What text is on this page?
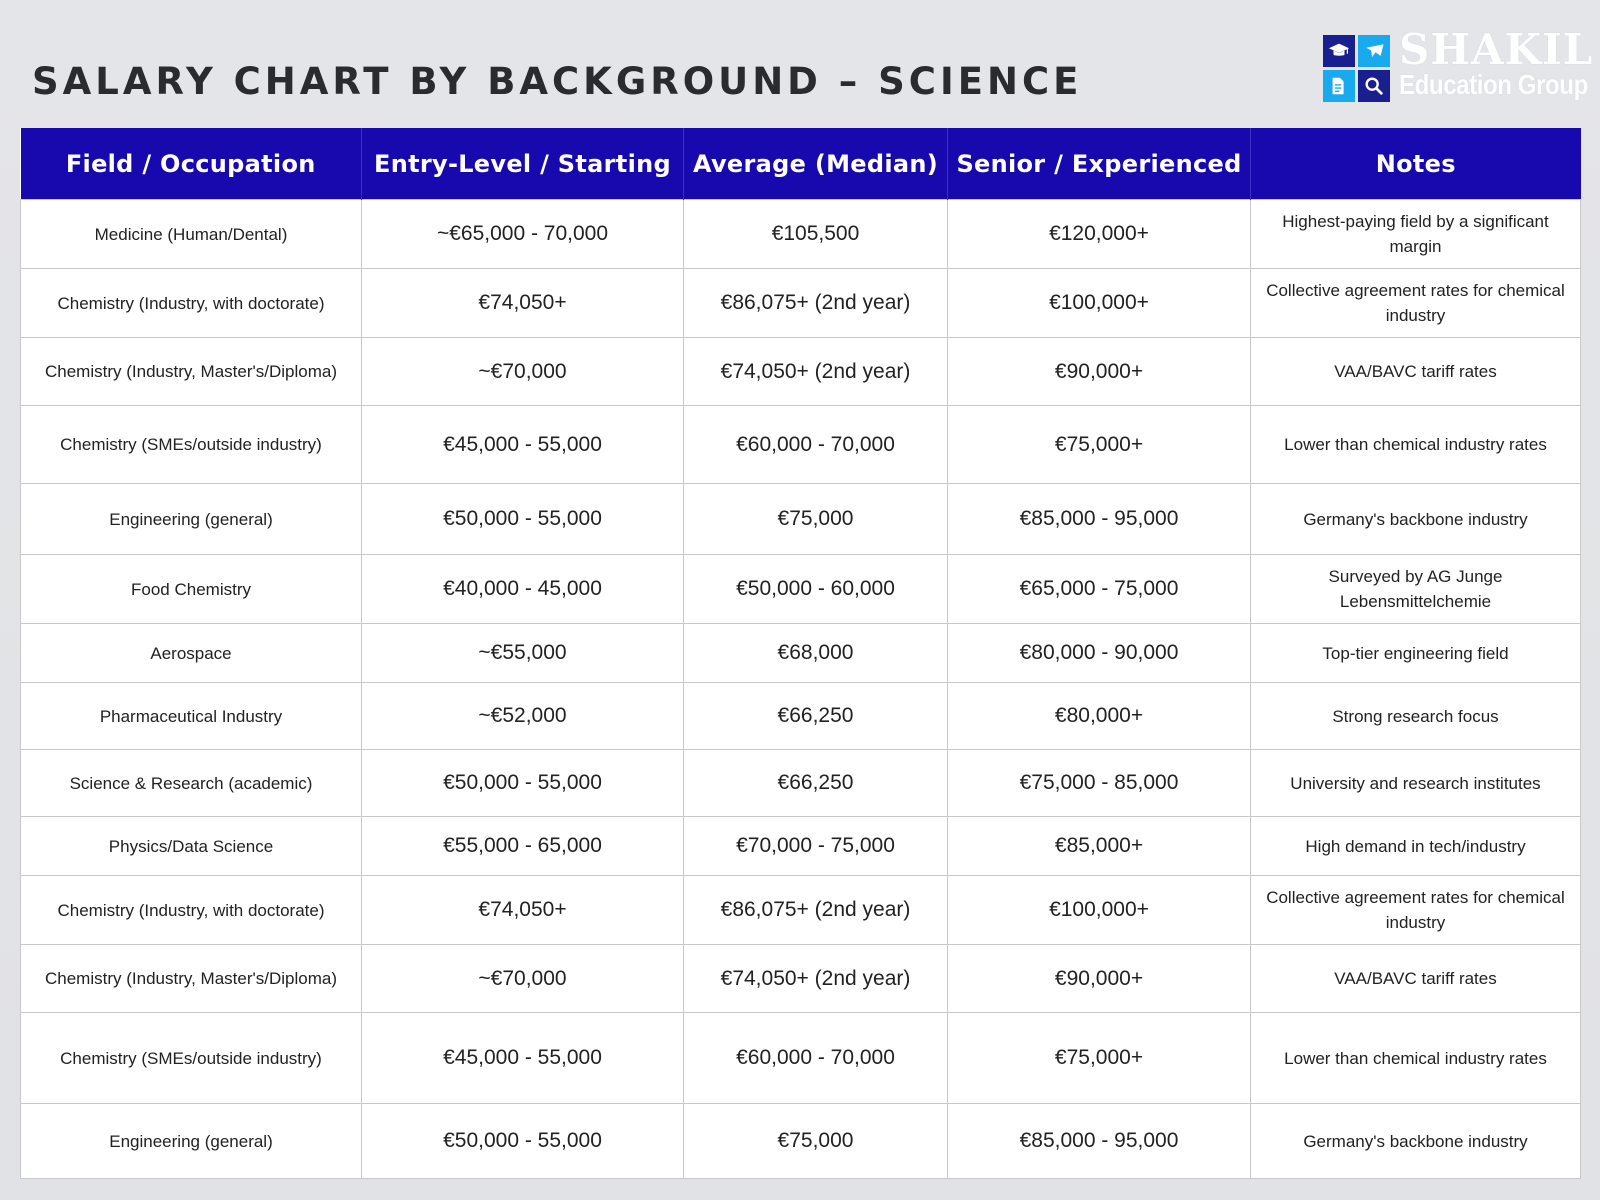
SALARY CHART BY BACKGROUND – SCIENCE
SHAKIL
Education Group
Field / Occupation	Entry-Level / Starting	Average (Median)	Senior / Experienced	Notes
Medicine (Human/Dental)	~€65,000 - 70,000	€105,500	€120,000+	Highest-paying field by a significant margin
Chemistry (Industry, with doctorate)	€74,050+	€86,075+ (2nd year)	€100,000+	Collective agreement rates for chemical industry
Chemistry (Industry, Master's/Diploma)	~€70,000	€74,050+ (2nd year)	€90,000+	VAA/BAVC tariff rates
Chemistry (SMEs/outside industry)	€45,000 - 55,000	€60,000 - 70,000	€75,000+	Lower than chemical industry rates
Engineering (general)	€50,000 - 55,000	€75,000	€85,000 - 95,000	Germany's backbone industry
Food Chemistry	€40,000 - 45,000	€50,000 - 60,000	€65,000 - 75,000	Surveyed by AG Junge Lebensmittelchemie
Aerospace	~€55,000	€68,000	€80,000 - 90,000	Top-tier engineering field
Pharmaceutical Industry	~€52,000	€66,250	€80,000+	Strong research focus
Science & Research (academic)	€50,000 - 55,000	€66,250	€75,000 - 85,000	University and research institutes
Physics/Data Science	€55,000 - 65,000	€70,000 - 75,000	€85,000+	High demand in tech/industry
Chemistry (Industry, with doctorate)	€74,050+	€86,075+ (2nd year)	€100,000+	Collective agreement rates for chemical industry
Chemistry (Industry, Master's/Diploma)	~€70,000	€74,050+ (2nd year)	€90,000+	VAA/BAVC tariff rates
Chemistry (SMEs/outside industry)	€45,000 - 55,000	€60,000 - 70,000	€75,000+	Lower than chemical industry rates
Engineering (general)	€50,000 - 55,000	€75,000	€85,000 - 95,000	Germany's backbone industry
